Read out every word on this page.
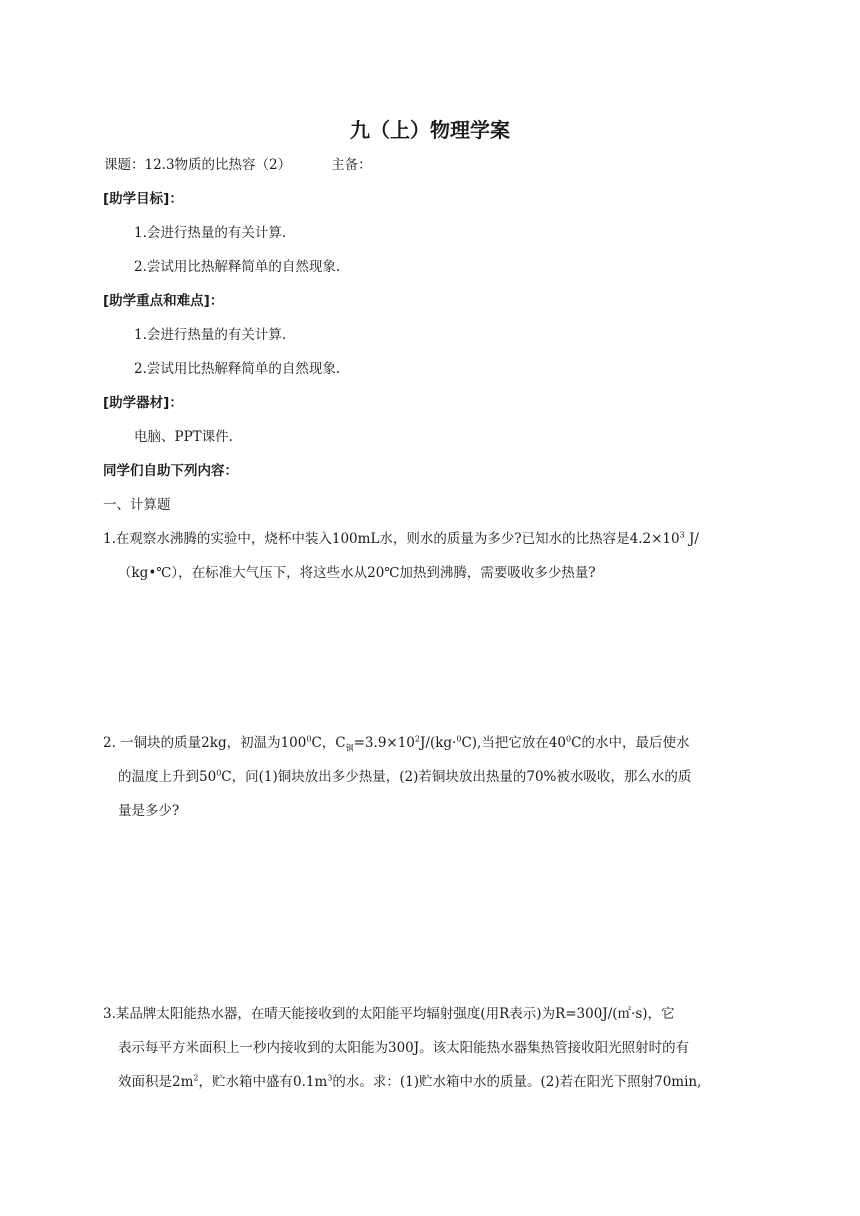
九（上）物理学案
课题：12.3物质的比热容（2）	主备：
[助学目标]：
1.会进行热量的有关计算.
2.尝试用比热解释简单的自然现象.
[助学重点和难点]：
1.会进行热量的有关计算.
2.尝试用比热解释简单的自然现象.
[助学器材]：
电脑、PPT课件.
同学们自助下列内容：
一、计算题
1.在观察水沸腾的实验中，烧杯中装入100mL水，则水的质量为多少?已知水的比热容是$4.2\times 10^3$ J/
（kg•℃），在标准大气压下，将这些水从20℃加热到沸腾，需要吸收多少热量?
2. 一铜块的质量2kg，初温为$100^0C$，$C_铜=3.9\times 10^2J/(kg\cdot^0C)$,当把它放在$40^0C$的水中，最后使水
的温度上升到$50^0C$，问(1)铜块放出多少热量，(2)若铜块放出热量的70%被水吸收，那么水的质
量是多少?
3.某品牌太阳能热水器，在晴天能接收到的太阳能平均辐射强度(用R表示)为R=300J/(㎡·s)，它
表示每平方米面积上一秒内接收到的太阳能为300J。该太阳能热水器集热管接收阳光照射时的有
效面积是$2m^2$，贮水箱中盛有$0.1m^3$的水。求：(1)贮水箱中水的质量。(2)若在阳光下照射70min,
